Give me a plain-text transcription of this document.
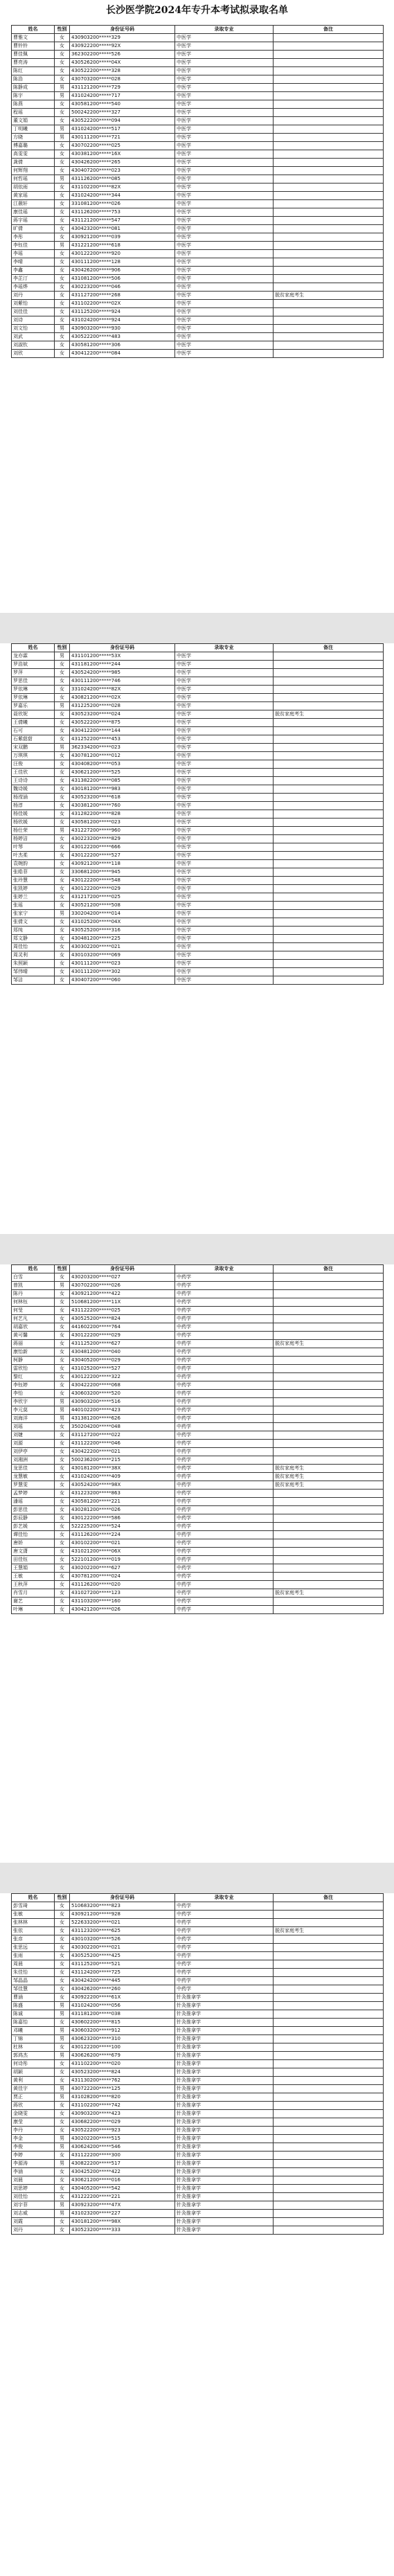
长沙医学院2024年专升本考试拟录取名单
姓名	性别	身份证号码	录取专业	备注
曹雅文	女	430903200*****329	中医学	
曹铃铃	女	430922200*****92X	中医学	
曹佳佩	女	362302200*****526	中医学	
曹亮涛	女	430526200*****04X	中医学	
陈红	女	430522200*****328	中医学	
陈浩	女	430703200*****028	中医学	
陈静成	男	431121200*****729	中医学	
陈宇	男	431024200*****717	中医学	
陈燕	女	430581200*****540	中医学	
程瑶	女	500242200*****327	中医学	
董文娟	女	430522200*****094	中医学	
丁明曦	男	431024200*****517	中医学	
方晓	男	430111200*****721	中医学	
傅嘉璐	女	430702200*****025	中医学	
高雯雯	女	430381200*****16X	中医学	
龚倩	女	430426200*****265	中医学	
何辉翔	女	430407200*****023	中医学	
何哲瑶	男	431126200*****085	中医学	
胡依雨	女	431102200*****82X	中医学	
黄家瑶	女	431024200*****344	中医学	
江薇轩	女	331081200*****026	中医学	
康佳瑶	女	431126200*****753	中医学	
蒋宇瑶	女	431121200*****547	中医学	
旷倩	女	430423200*****081	中医学	
李彤	女	430921200*****039	中医学	
李钰佳	男	431221200*****618	中医学	
李瑶	女	430122200*****920	中医学	
李晴	女	430111200*****128	中医学	
李鑫	女	430426200*****906	中医学	
李芷汀	女	431081200*****506	中医学	
李瑶烨	女	430223200*****046	中医学	
刘丹	女	431127200*****268	中医学	脱贫家庭考生
刘紫怡	女	431102200*****02X	中医学	
刘佳佳	女	431125200*****924	中医学	
刘诗	女	431024200*****924	中医学	
刘文怡	男	430903200*****930	中医学	
刘武	女	430522200*****483	中医学	
刘淑钦	女	430581200*****306	中医学	
刘欣	女	430412200*****084	中医学	
姓名	性别	身份证号码	录取专业	备注
龙亦霖	男	431101200*****53X	中医学	
罗浩斌	女	431181200*****244	中医学	
罗萍	女	430524200*****985	中医学	
罗思佳	女	430111200*****746	中医学	
罗依琳	女	331024200*****82X	中医学	
罗依琳	女	430821200*****02X	中医学	
罗嘉乐	男	431225200*****028	中医学	
聂欣妮	女	430523200*****024	中医学	脱贫家庭考生
王倩曦	女	430522200*****875	中医学	
石可	女	430412200*****144	中医学	
石紫甜甜	女	431252200*****453	中医学	
宋双鹏	男	362334200*****023	中医学	
万琪琪	女	430781200*****012	中医学	
汪俊	女	430408200*****053	中医学	
王佳欣	女	430621200*****525	中医学	
王诗诗	女	431382200*****085	中医学	
魏诗媛	女	430181200*****983	中医学	
杨滢涵	女	430523200*****618	中医学	
杨淳	女	430381200*****760	中医学	
杨佳媛	女	431282200*****828	中医学	
杨欣媛	女	430581200*****023	中医学	
杨仕荣	男	431227200*****960	中医学	
杨婷洁	女	430223200*****829	中医学	
叶琴	女	430122200*****666	中医学	
叶杰柔	女	430122200*****527	中医学	
袁婉韵	女	430921200*****118	中医学	
张皓菲	女	330681200*****945	中医学	
张玲慧	女	430122200*****548	中医学	
张凯婷	女	430122200*****029	中医学	
张婷兰	女	431217200*****025	中医学	
张瑶	女	430521200*****508	中医学	
张家宁	男	330204200*****014	中医学	
张倩文	女	431025200*****04X	中医学	
郑纯	女	430525200*****316	中医学	
郑文静	女	430481200*****225	中医学	
周佳怡	女	430302200*****021	中医学	
周灵利	女	430103200*****069	中医学	
朱照颖	女	430111200*****023	中医学	
邹伟晴	女	430111200*****302	中医学	
邹洁	女	430407200*****060	中医学	
姓名	性别	身份证号码	录取专业	备注
白雪	女	430203200*****027	中药学	
曾凯	男	430702200*****026	中药学	
陈丹	女	430921200*****422	中药学	
何林钰	女	510681200*****11X	中药学	
何旻	女	431122200*****025	中药学	
何艺凡	女	430525200*****824	中药学	
胡嘉欣	女	441602200*****764	中药学	
黄可馨	女	430122200*****029	中药学	
蒋丽	女	431125200*****627	中药学	脱贫家庭考生
康怡新	女	430481200*****040	中药学	
柯静	女	430405200*****029	中药学	
雷欣怡	女	431025200*****527	中药学	
黎红	女	430122200*****322	中药学	
李钰婷	女	430422200*****068	中药学	
李怡	女	430603200*****520	中药学	
李欣宇	男	430903200*****516	中药学	
李元莫	男	440102200*****423	中药学	
刘海洋	男	431381200*****626	中药学	
刘瑶	女	350204200*****048	中药学	
刘婕	女	431127200*****022	中药学	
刘源	女	431122200*****046	中药学	
刘伊亭	女	430422200*****021	中药学	
刘湘洲	女	500236200*****215	中药学	
龙思佳	女	430181200*****38X	中药学	脱贫家庭考生
龙慧敏	女	431024200*****409	中药学	脱贫家庭考生
罗慧雯	女	430524200*****98X	中药学	脱贫家庭考生
孟梦婷	女	431223200*****863	中药学	
潘瑶	女	430581200*****221	中药学	
彭思佳	女	430281200*****026	中药学	
彭辰静	女	430122200*****586	中药学	
彭艺媛	女	522225200*****524	中药学	
谭佳怡	女	431126200*****224	中药学	
唐娇	女	430102200*****021	中药学	
唐文潇	女	431021200*****06X	中药学	
田佳钰	女	522101200*****019	中药学	
王慧娟	女	430202200*****627	中药学	
王敏	女	430781200*****024	中药学	
王秋萍	女	431126200*****020	中药学	
肖雪月	女	431027200*****123	中药学	脱贫家庭考生
谢艺	女	431103200*****160	中药学	
叶琳	女	430421200*****026	中药学	
姓名	性别	身份证号码	录取专业	备注
彭雪琦	女	510683200*****823	中药学	
张敏	女	430921200*****928	中药学	
张林林	女	522633200*****021	中药学	
张依	女	431123200*****625	中药学	脱贫家庭考生
张彦	女	430103200*****526	中药学	
张思远	女	430302200*****021	中药学	
张雨	女	430525200*****425	中药学	
周晨	女	431125200*****521	中药学	
朱佳怡	女	431124200*****725	中药学	
邹晶晶	女	430424200*****445	中药学	
邹佳慧	女	430426200*****260	中药学	
曹涵	女	430922200*****61X	针灸推拿学	
陈盛	男	431024200*****056	针灸推拿学	
陈诚	男	431181200*****038	针灸推拿学	
陈嘉怡	女	430602200*****815	针灸推拿学	
邓曦	男	430603200*****912	针灸推拿学	
丁锦	男	430623200*****310	针灸推拿学	
杜林	女	430122200*****100	针灸推拿学	
郭鸿杰	男	430626200*****679	针灸推拿学	
何诗彤	女	431102200*****020	针灸推拿学	
胡颖	女	430523200*****824	针灸推拿学	
黄利	女	431130200*****762	针灸推拿学	
黄佳宇	男	430722200*****125	针灸推拿学	
贾正	男	431028200*****820	针灸推拿学	
蒋欣	女	431102200*****742	针灸推拿学	
金晓雯	女	430903200*****423	针灸推拿学	
康莹	女	430682200*****029	针灸推拿学	
李丹	女	430522200*****923	针灸推拿学	
李金	男	430202200*****515	针灸推拿学	
李俊	男	430624200*****546	针灸推拿学	
李婷	女	431122200*****300	针灸推拿学	
李源涛	男	430822200*****517	针灸推拿学	
李涵	女	430425200*****422	针灸推拿学	
刘晨	女	430621200*****016	针灸推拿学	
刘思婷	女	430405200*****542	针灸推拿学	
刘佳怡	女	431222200*****221	针灸推拿学	
刘宇菲	男	430923200*****47X	针灸推拿学	
刘志威	男	431023200*****227	针灸推拿学	
刘霞	女	430181200*****98X	针灸推拿学	
刘丹	女	430523200*****333	针灸推拿学	
